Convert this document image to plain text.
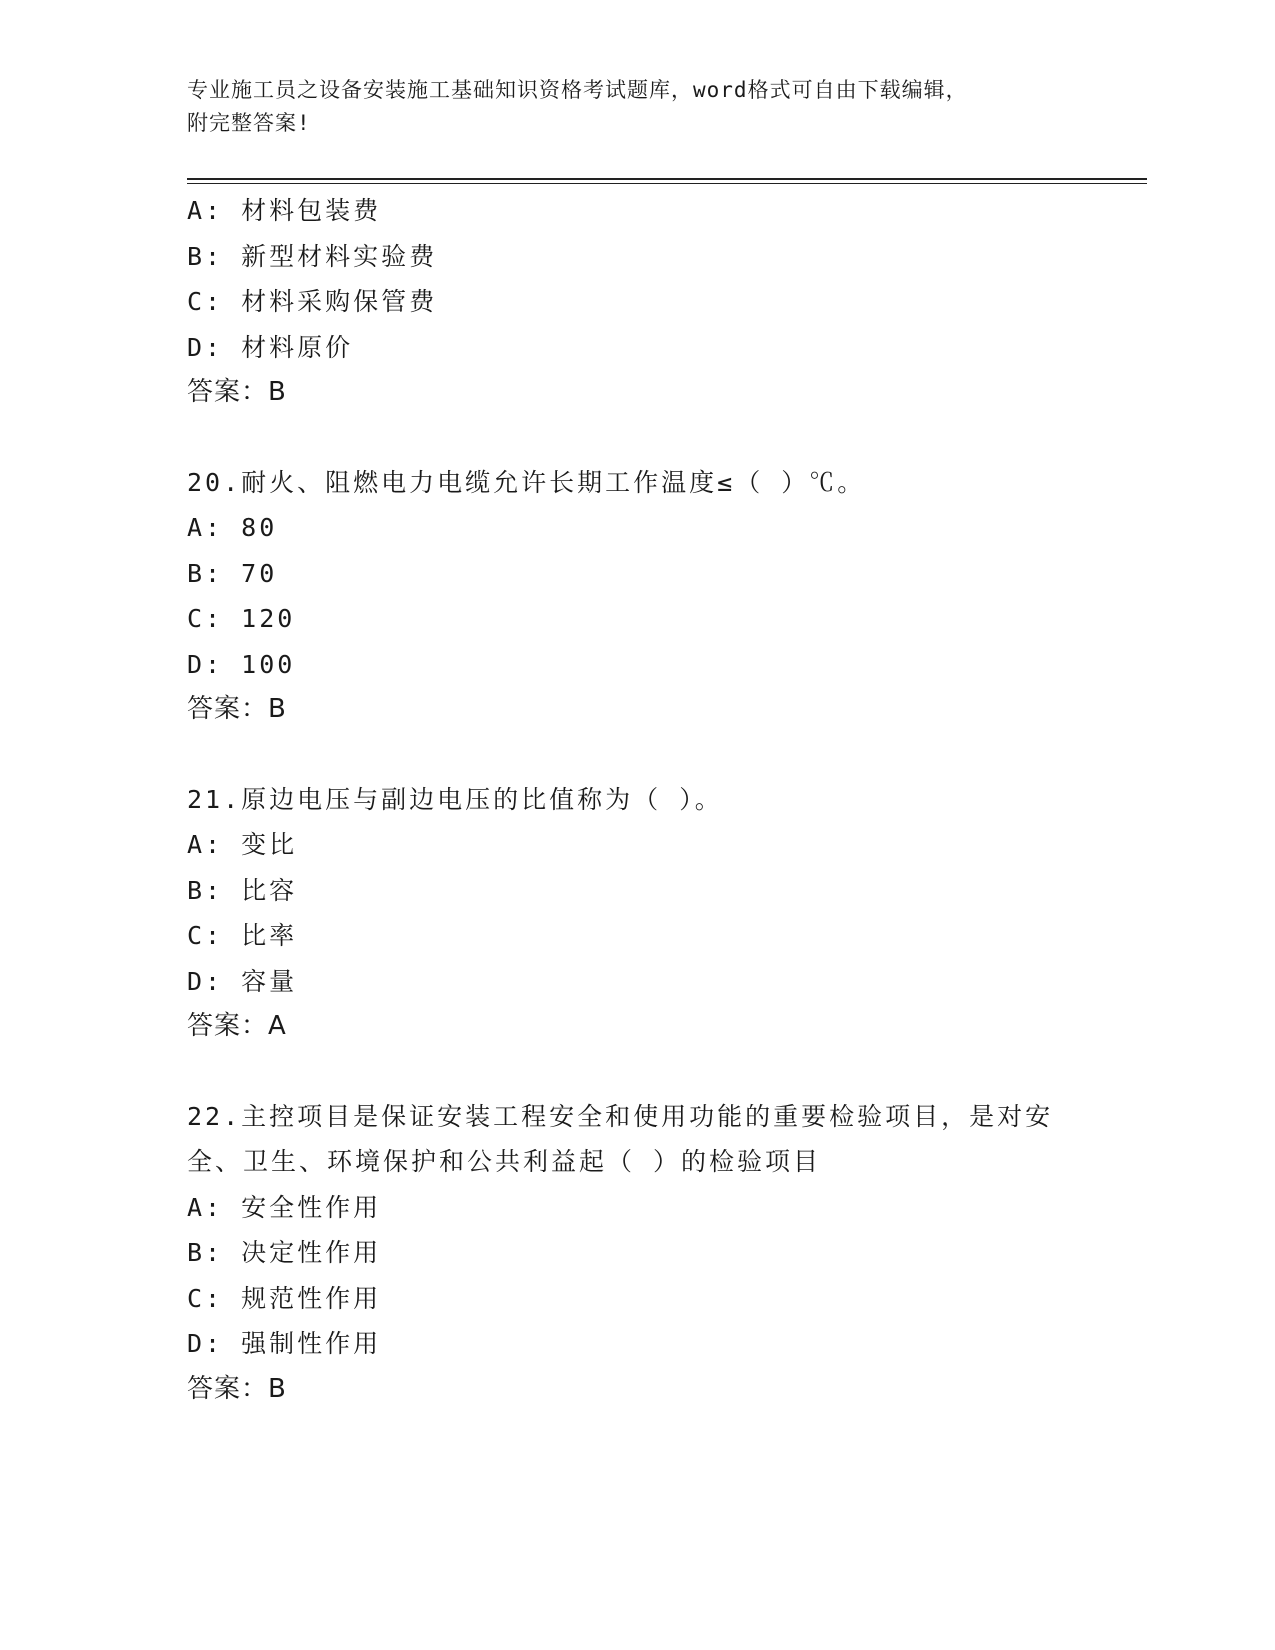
专业施工员之设备安装施工基础知识资格考试题库，word格式可自由下载编辑，
附完整答案!
A: 材料包装费
B: 新型材料实验费
C: 材料采购保管费
D: 材料原价
答案：B
20.耐火、阻燃电力电缆允许长期工作温度≤（ ）℃。
A: 80
B: 70
C: 120
D: 100
答案：B
21.原边电压与副边电压的比值称为（ ）。
A: 变比
B: 比容
C: 比率
D: 容量
答案：A
22.主控项目是保证安装工程安全和使用功能的重要检验项目，是对安
全、卫生、环境保护和公共利益起（ ）的检验项目
A: 安全性作用
B: 决定性作用
C: 规范性作用
D: 强制性作用
答案：B
